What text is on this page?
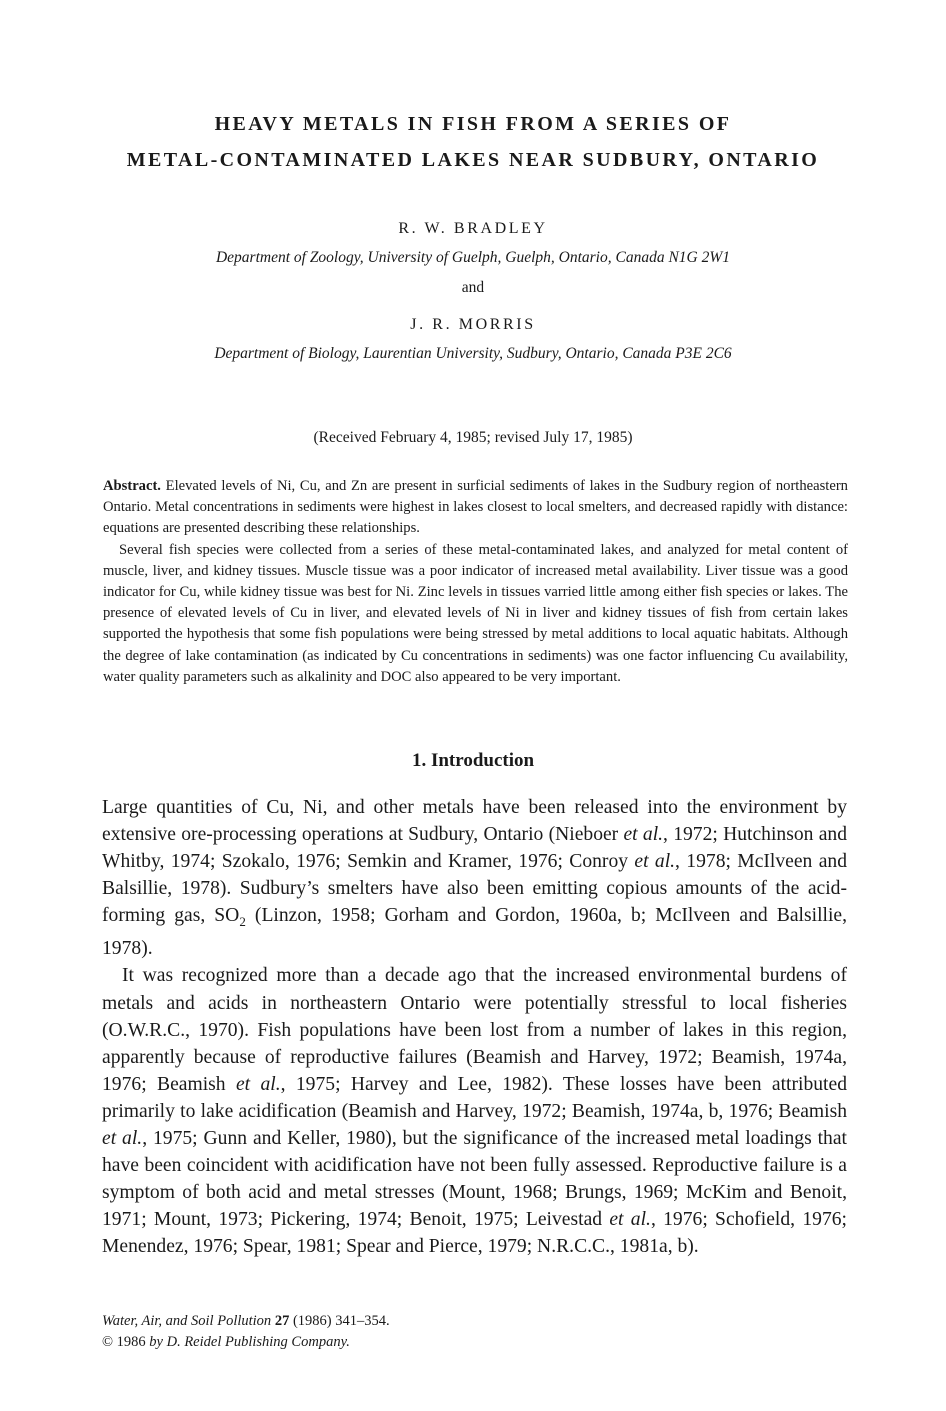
HEAVY METALS IN FISH FROM A SERIES OF
METAL-CONTAMINATED LAKES NEAR SUDBURY, ONTARIO
R. W. BRADLEY
Department of Zoology, University of Guelph, Guelph, Ontario, Canada N1G 2W1
and
J. R. MORRIS
Department of Biology, Laurentian University, Sudbury, Ontario, Canada P3E 2C6
(Received February 4, 1985; revised July 17, 1985)

Abstract. Elevated levels of Ni, Cu, and Zn are present in surficial sediments of lakes in the Sudbury region of northeastern Ontario. Metal concentrations in sediments were highest in lakes closest to local smelters, and decreased rapidly with distance: equations are presented describing these relationships.

Several fish species were collected from a series of these metal-contaminated lakes, and analyzed for metal content of muscle, liver, and kidney tissues. Muscle tissue was a poor indicator of increased metal availability. Liver tissue was a good indicator for Cu, while kidney tissue was best for Ni. Zinc levels in tissues varried little among either fish species or lakes. The presence of elevated levels of Cu in liver, and elevated levels of Ni in liver and kidney tissues of fish from certain lakes supported the hypothesis that some fish populations were being stressed by metal additions to local aquatic habitats. Although the degree of lake contamination (as indicated by Cu concentrations in sediments) was one factor influencing Cu availability, water quality parameters such as alkalinity and DOC also appeared to be very important.

1. Introduction

Large quantities of Cu, Ni, and other metals have been released into the environment by extensive ore-processing operations at Sudbury, Ontario (Nieboer et al., 1972; Hutchinson and Whitby, 1974; Szokalo, 1976; Semkin and Kramer, 1976; Conroy et al., 1978; McIlveen and Balsillie, 1978). Sudbury’s smelters have also been emitting copious amounts of the acid-forming gas, $SO_2$ (Linzon, 1958; Gorham and Gordon, 1960a, b; McIlveen and Balsillie, 1978).

It was recognized more than a decade ago that the increased environmental burdens of metals and acids in northeastern Ontario were potentially stressful to local fisheries (O.W.R.C., 1970). Fish populations have been lost from a number of lakes in this region, apparently because of reproductive failures (Beamish and Harvey, 1972; Beamish, 1974a, 1976; Beamish et al., 1975; Harvey and Lee, 1982). These losses have been attributed primarily to lake acidification (Beamish and Harvey, 1972; Beamish, 1974a, b, 1976; Beamish et al., 1975; Gunn and Keller, 1980), but the significance of the increased metal loadings that have been coincident with acidification have not been fully assessed. Reproductive failure is a symptom of both acid and metal stresses (Mount, 1968; Brungs, 1969; McKim and Benoit, 1971; Mount, 1973; Pickering, 1974; Benoit, 1975; Leivestad et al., 1976; Schofield, 1976; Menendez, 1976; Spear, 1981; Spear and Pierce, 1979; N.R.C.C., 1981a, b).

Water, Air, and Soil Pollution 27 (1986) 341–354.
© 1986 by D. Reidel Publishing Company.
